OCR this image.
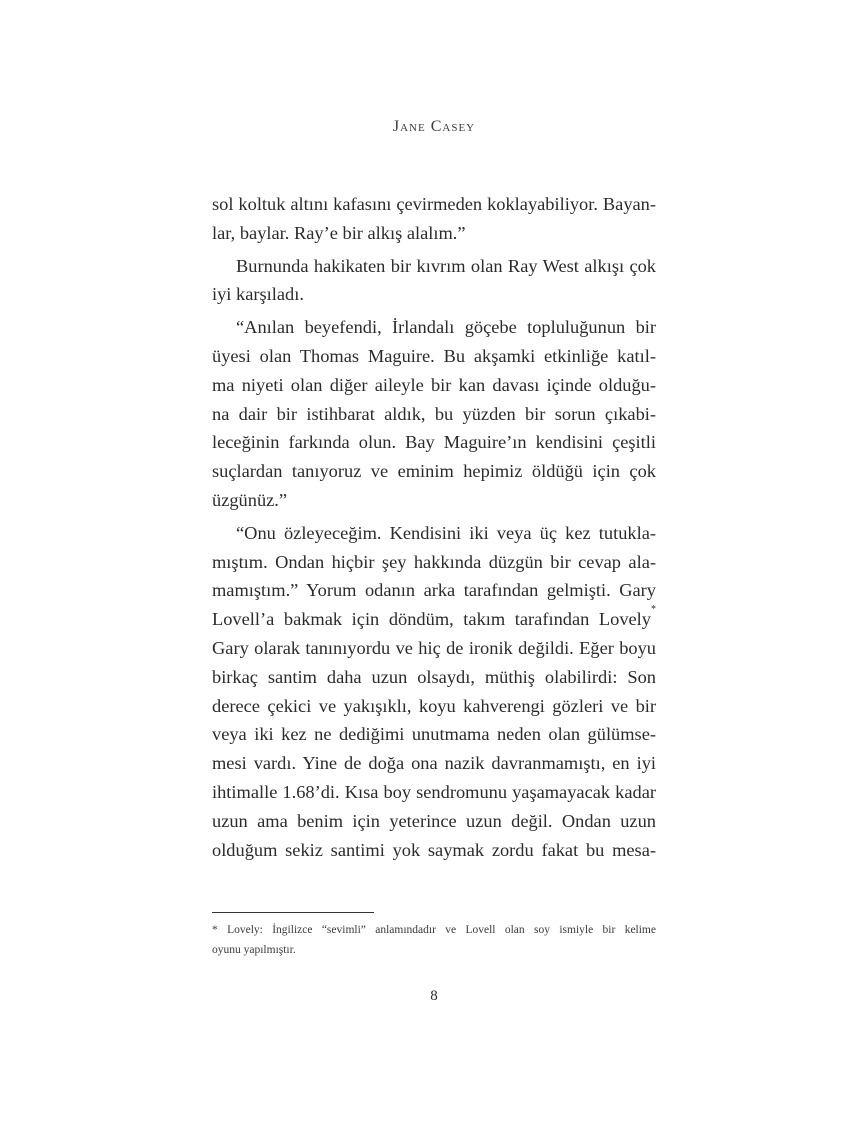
Jane Casey
sol koltuk altını kafasını çevirmeden koklayabiliyor. Bayan-
lar, baylar. Ray’e bir alkış alalım.”
Burnunda hakikaten bir kıvrım olan Ray West alkışı çok
iyi karşıladı.
“Anılan beyefendi, İrlandalı göçebe topluluğunun bir
üyesi olan Thomas Maguire. Bu akşamki etkinliğe katıl-
ma niyeti olan diğer aileyle bir kan davası içinde olduğu-
na dair bir istihbarat aldık, bu yüzden bir sorun çıkabi-
leceğinin farkında olun. Bay Maguire’ın kendisini çeşitli
suçlardan tanıyoruz ve eminim hepimiz öldüğü için çok
üzgünüz.”
“Onu özleyeceğim. Kendisini iki veya üç kez tutukla-
mıştım. Ondan hiçbir şey hakkında düzgün bir cevap ala-
mamıştım.” Yorum odanın arka tarafından gelmişti. Gary
Lovell’a bakmak için döndüm, takım tarafından Lovely*
Gary olarak tanınıyordu ve hiç de ironik değildi. Eğer boyu
birkaç santim daha uzun olsaydı, müthiş olabilirdi: Son
derece çekici ve yakışıklı, koyu kahverengi gözleri ve bir
veya iki kez ne dediğimi unutmama neden olan gülümse-
mesi vardı. Yine de doğa ona nazik davranmamıştı, en iyi
ihtimalle 1.68’di. Kısa boy sendromunu yaşamayacak kadar
uzun ama benim için yeterince uzun değil. Ondan uzun
olduğum sekiz santimi yok saymak zordu fakat bu mesa-
* Lovely: İngilizce “sevimli” anlamındadır ve Lovell olan soy ismiyle bir kelime
oyunu yapılmıştır.
8
